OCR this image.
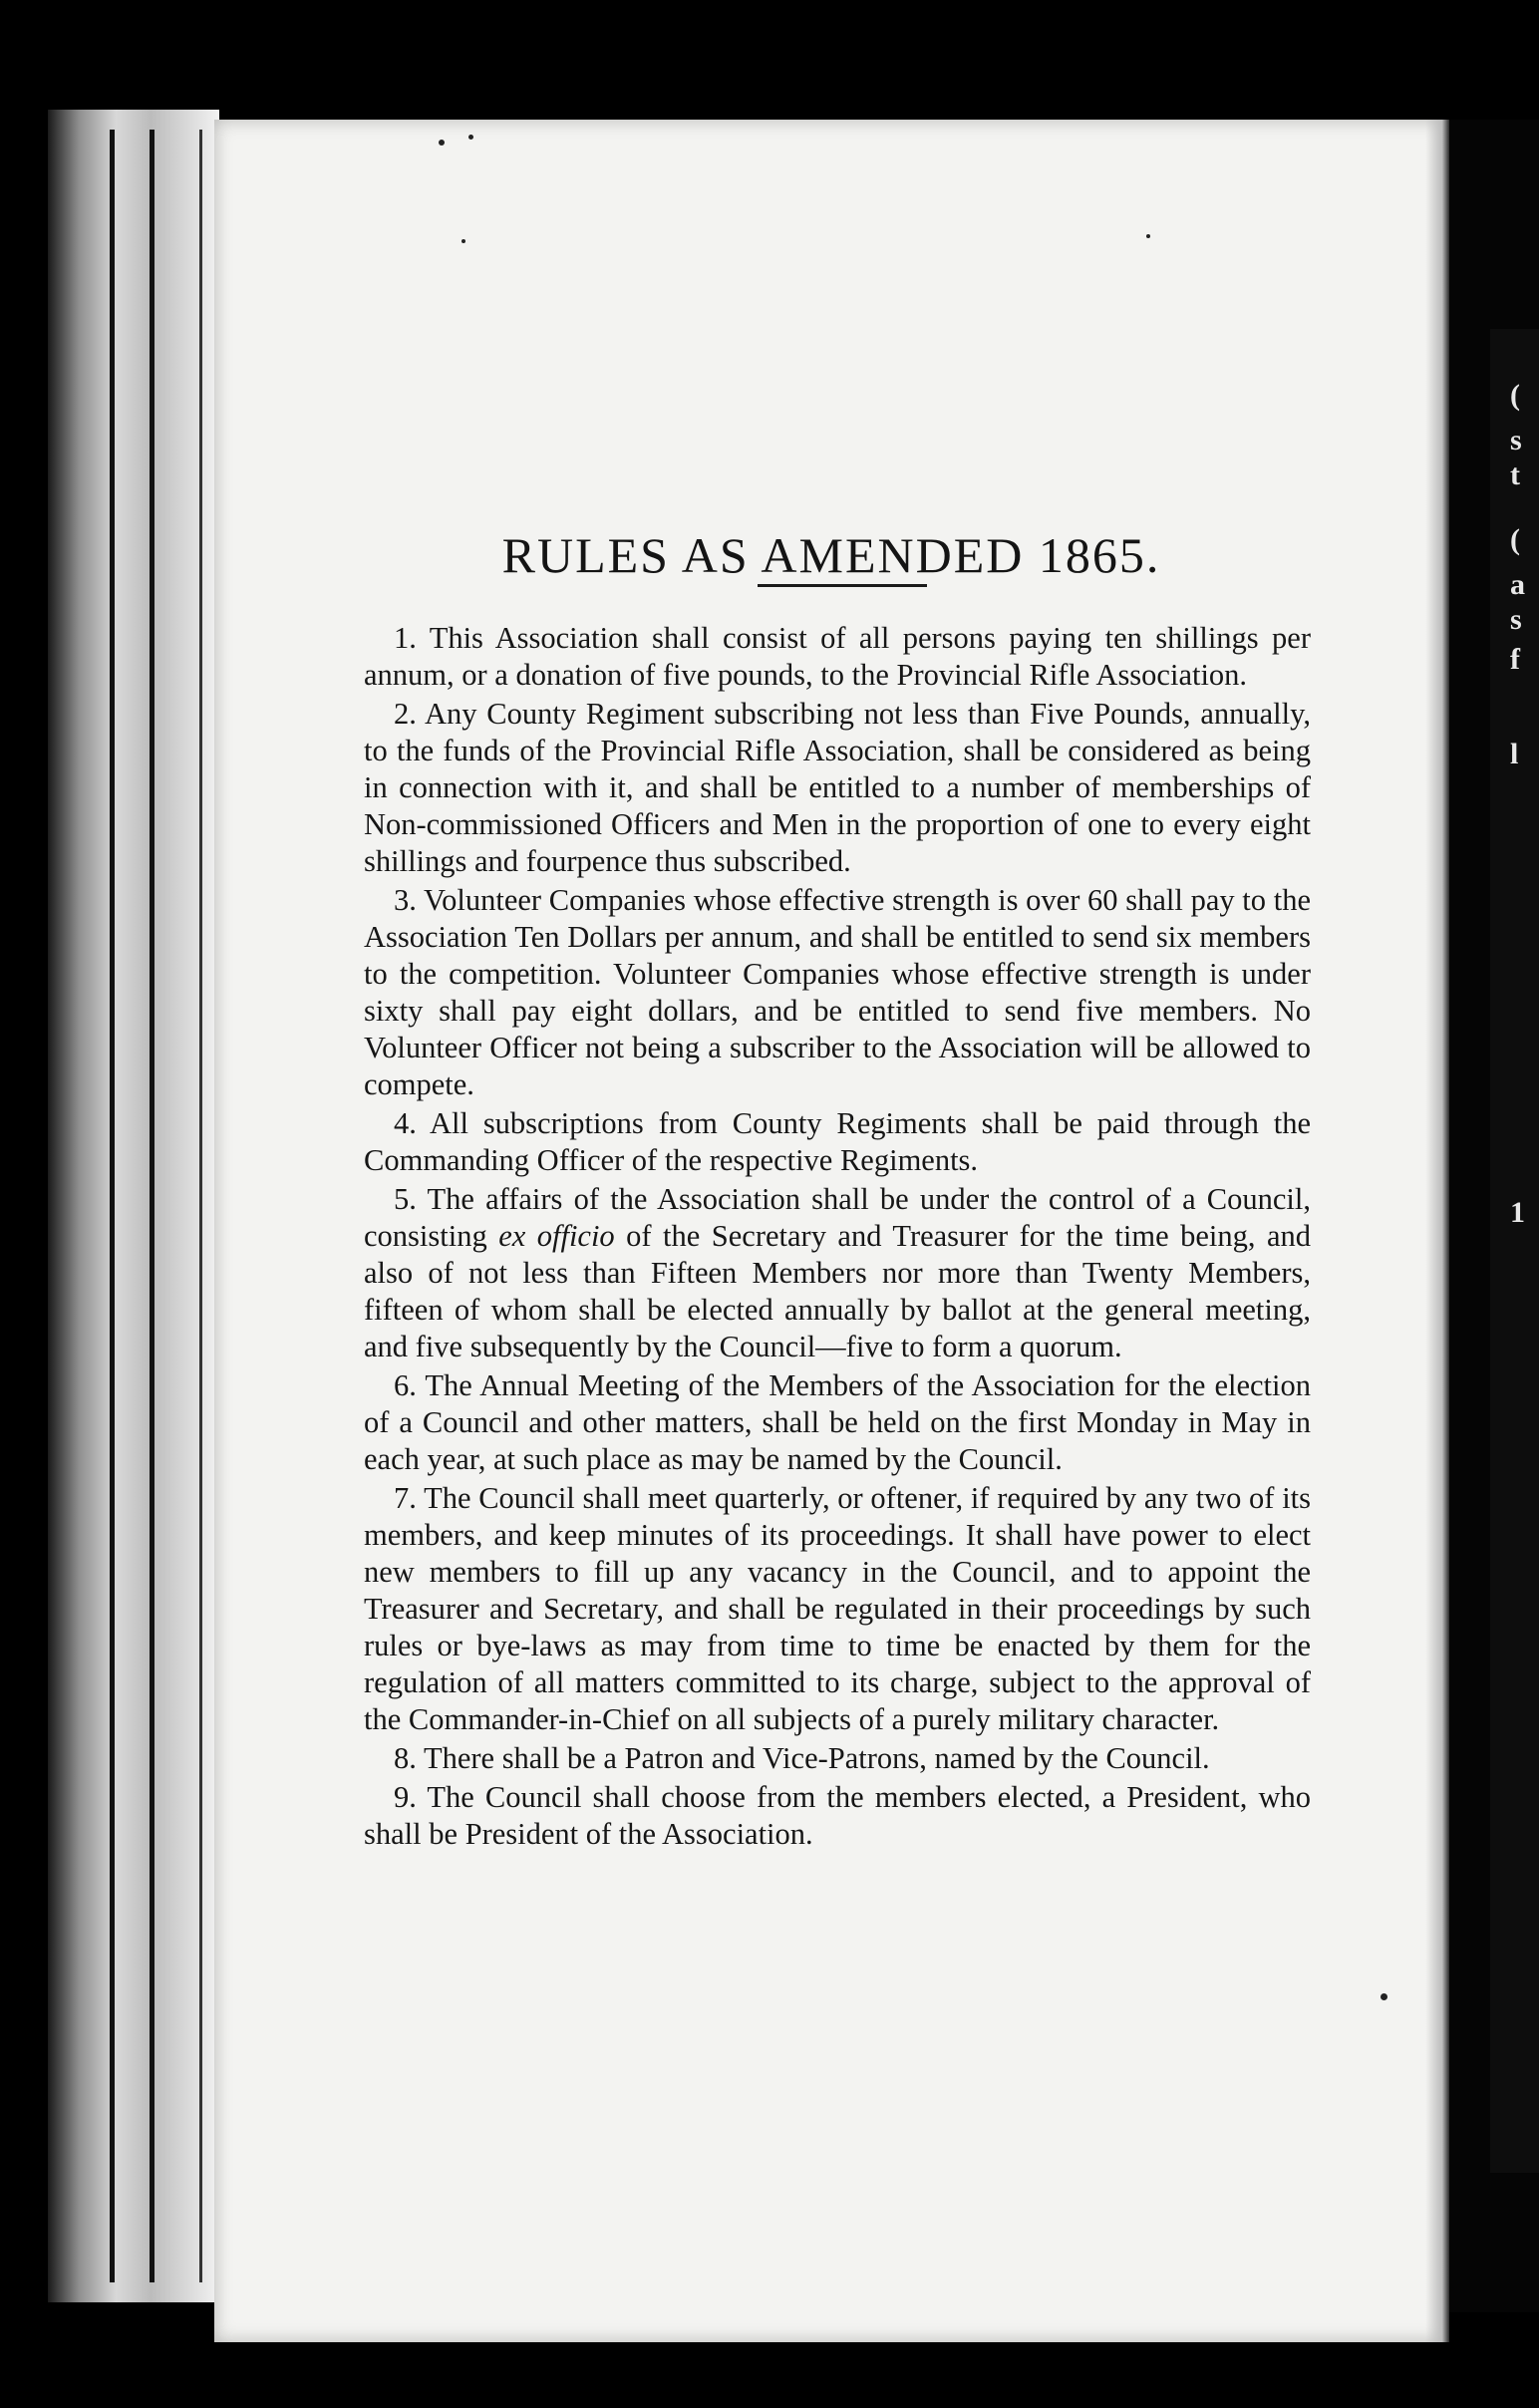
(
s
t
(
a
s
f
l
1
RULES AS AMENDED 1865.
1. This Association shall consist of all persons paying ten shillings per annum, or a donation of five pounds, to the Provincial Rifle Association.
2. Any County Regiment subscribing not less than Five Pounds, annually, to the funds of the Provincial Rifle Association, shall be considered as being in connection with it, and shall be entitled to a number of memberships of Non-commissioned Officers and Men in the proportion of one to every eight shillings and fourpence thus subscribed.
3. Volunteer Companies whose effective strength is over 60 shall pay to the Association Ten Dollars per annum, and shall be entitled to send six members to the competition. Volunteer Companies whose effective strength is under sixty shall pay eight dollars, and be entitled to send five members. No Volunteer Officer not being a subscriber to the Association will be allowed to compete.
4. All subscriptions from County Regiments shall be paid through the Commanding Officer of the respective Regiments.
5. The affairs of the Association shall be under the control of a Council, consisting ex officio of the Secretary and Treasurer for the time being, and also of not less than Fifteen Members nor more than Twenty Members, fifteen of whom shall be elected annually by ballot at the general meeting, and five subsequently by the Council—five to form a quorum.
6. The Annual Meeting of the Members of the Association for the election of a Council and other matters, shall be held on the first Monday in May in each year, at such place as may be named by the Council.
7. The Council shall meet quarterly, or oftener, if required by any two of its members, and keep minutes of its proceedings. It shall have power to elect new members to fill up any vacancy in the Council, and to appoint the Treasurer and Secretary, and shall be regulated in their proceedings by such rules or bye-laws as may from time to time be enacted by them for the regulation of all matters committed to its charge, subject to the approval of the Commander-in-Chief on all subjects of a purely military character.
8. There shall be a Patron and Vice-Patrons, named by the Council.
9. The Council shall choose from the members elected, a President, who shall be President of the Association.
